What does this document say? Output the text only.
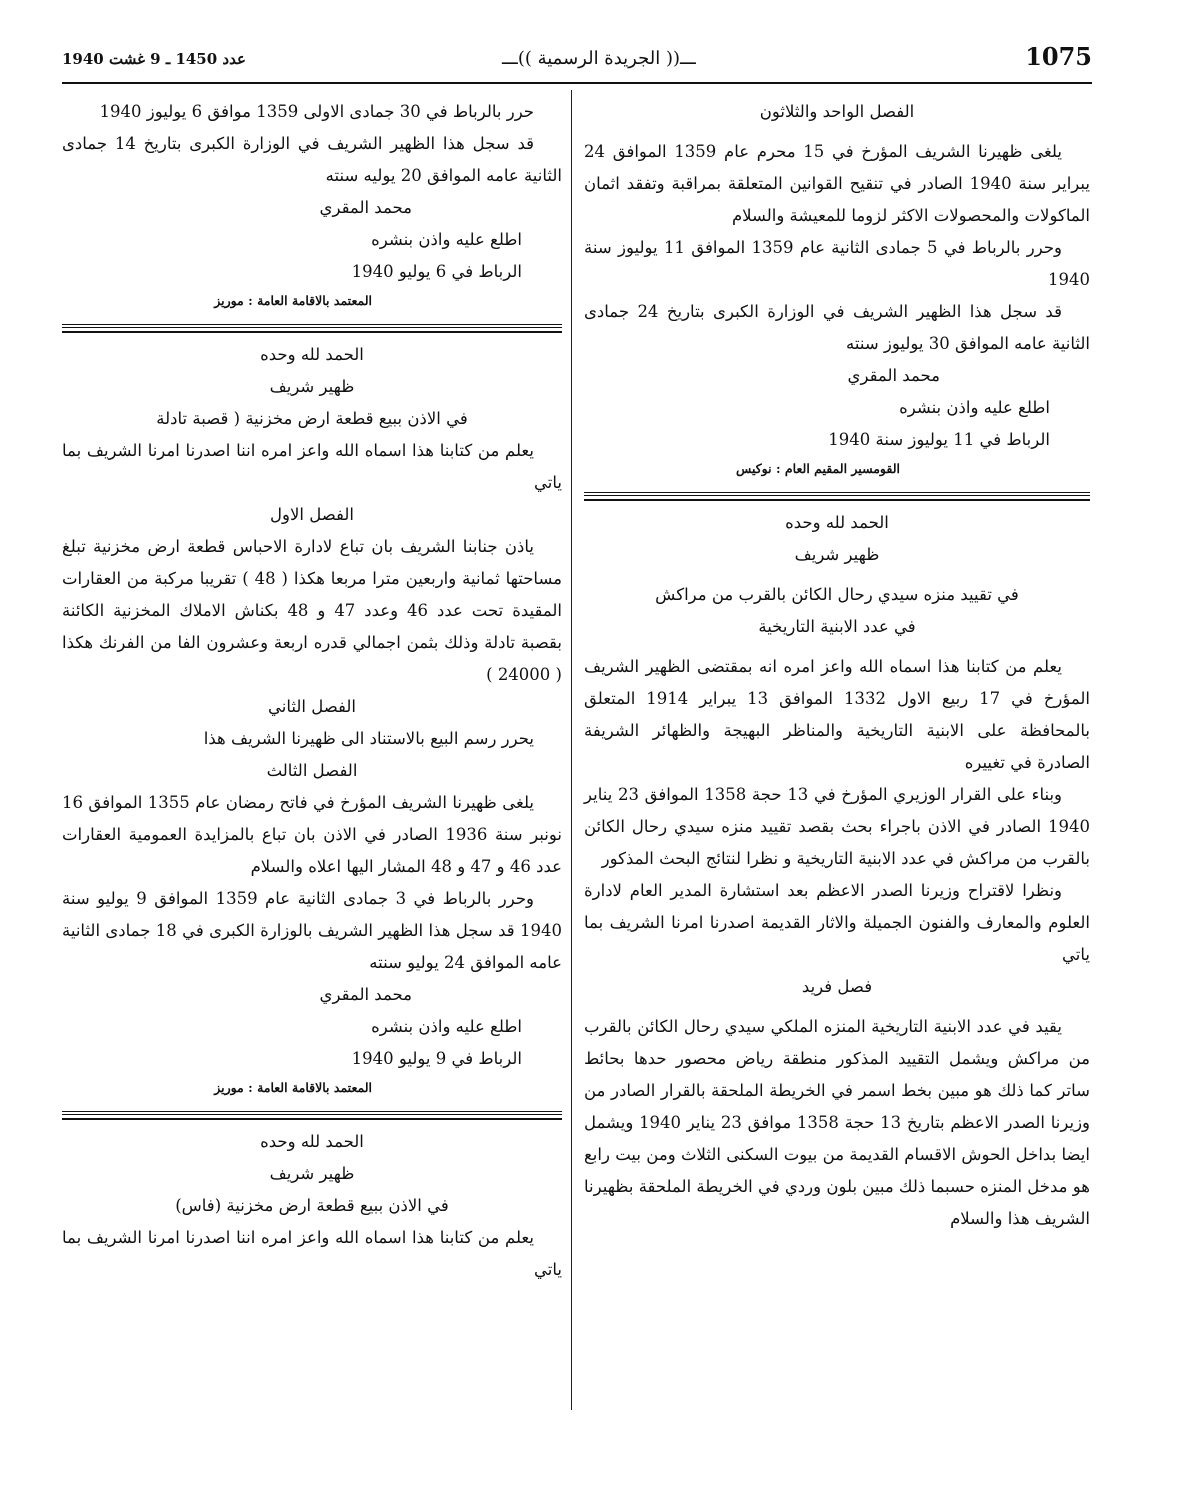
1075
ـــ(( الجريدة الرسمية ))ـــ
عدد 1450 ـ 9 غشت 1940

الفصل الواحد والثلاثون

يلغى ظهيرنا الشريف المؤرخ في 15 محرم عام 1359 الموافق 24 يبراير سنة 1940 الصادر في تنقيح القوانين المتعلقة بمراقبة وتفقد اثمان الماكولات والمحصولات الاكثر لزوما للمعيشة والسلام

وحرر بالرباط في 5 جمادى الثانية عام 1359 الموافق 11 يوليوز سنة 1940

قد سجل هذا الظهير الشريف في الوزارة الكبرى بتاريخ 24 جمادى الثانية عامه الموافق 30 يوليوز سنته

محمد المقري

اطلع عليه واذن بنشره

الرباط في 11 يوليوز سنة 1940

القومسير المقيم العام : نوكيس

الحمد لله وحده

ظهير شريف

في تقييد منزه سيدي رحال الكائن بالقرب من مراكش

في عدد الابنية التاريخية

يعلم من كتابنا هذا اسماه الله واعز امره انه بمقتضى الظهير الشريف المؤرخ في 17 ربيع الاول 1332 الموافق 13 يبراير 1914 المتعلق بالمحافظة على الابنية التاريخية والمناظر البهيجة والظهائر الشريفة الصادرة في تغييره

وبناء على القرار الوزيري المؤرخ في 13 حجة 1358 الموافق 23 يناير 1940 الصادر في الاذن باجراء بحث بقصد تقييد منزه سيدي رحال الكائن بالقرب من مراكش في عدد الابنية التاريخية و نظرا لنتائج البحث المذكور

ونظرا لاقتراح وزيرنا الصدر الاعظم بعد استشارة المدير العام لادارة العلوم والمعارف والفنون الجميلة والاثار القديمة اصدرنا امرنا الشريف بما ياتي

فصل فريد

يقيد في عدد الابنية التاريخية المنزه الملكي سيدي رحال الكائن بالقرب من مراكش ويشمل التقييد المذكور منطقة رياض محصور حدها بحائط ساتر كما ذلك هو مبين بخط اسمر في الخريطة الملحقة بالقرار الصادر من وزيرنا الصدر الاعظم بتاريخ 13 حجة 1358 موافق 23 يناير 1940 ويشمل ايضا بداخل الحوش الاقسام القديمة من بيوت السكنى الثلاث ومن بيت رابع هو مدخل المنزه حسبما ذلك مبين بلون وردي في الخريطة الملحقة بظهيرنا الشريف هذا والسلام

حرر بالرباط في 30 جمادى الاولى 1359 موافق 6 يوليوز 1940

قد سجل هذا الظهير الشريف في الوزارة الكبرى بتاريخ 14 جمادى الثانية عامه الموافق 20 يوليه سنته

محمد المقري

اطلع عليه واذن بنشره

الرباط في 6 يوليو 1940

المعتمد بالاقامة العامة : موريز

الحمد لله وحده

ظهير شريف

في الاذن ببيع قطعة ارض مخزنية ( قصبة تادلة

يعلم من كتابنا هذا اسماه الله واعز امره اننا اصدرنا امرنا الشريف بما ياتي

الفصل الاول

ياذن جنابنا الشريف بان تباع لادارة الاحباس قطعة ارض مخزنية تبلغ مساحتها ثمانية واربعين مترا مربعا هكذا ( 48 ) تقريبا مركبة من العقارات المقيدة تحت عدد 46 وعدد 47 و 48 بكناش الاملاك المخزنية الكائنة بقصبة تادلة وذلك بثمن اجمالي قدره اربعة وعشرون الفا من الفرنك هكذا ( 24000 )

الفصل الثاني

يحرر رسم البيع بالاستناد الى ظهيرنا الشريف هذا

الفصل الثالث

يلغى ظهيرنا الشريف المؤرخ في فاتح رمضان عام 1355 الموافق 16 نونبر سنة 1936 الصادر في الاذن بان تباع بالمزايدة العمومية العقارات عدد 46 و 47 و 48 المشار اليها اعلاه والسلام

وحرر بالرباط في 3 جمادى الثانية عام 1359 الموافق 9 يوليو سنة 1940 قد سجل هذا الظهير الشريف بالوزارة الكبرى في 18 جمادى الثانية عامه الموافق 24 يوليو سنته

محمد المقري

اطلع عليه واذن بنشره

الرباط في 9 يوليو 1940

المعتمد بالاقامة العامة : موريز

الحمد لله وحده

ظهير شريف

في الاذن ببيع قطعة ارض مخزنية (فاس)

يعلم من كتابنا هذا اسماه الله واعز امره اننا اصدرنا امرنا الشريف بما ياتي
